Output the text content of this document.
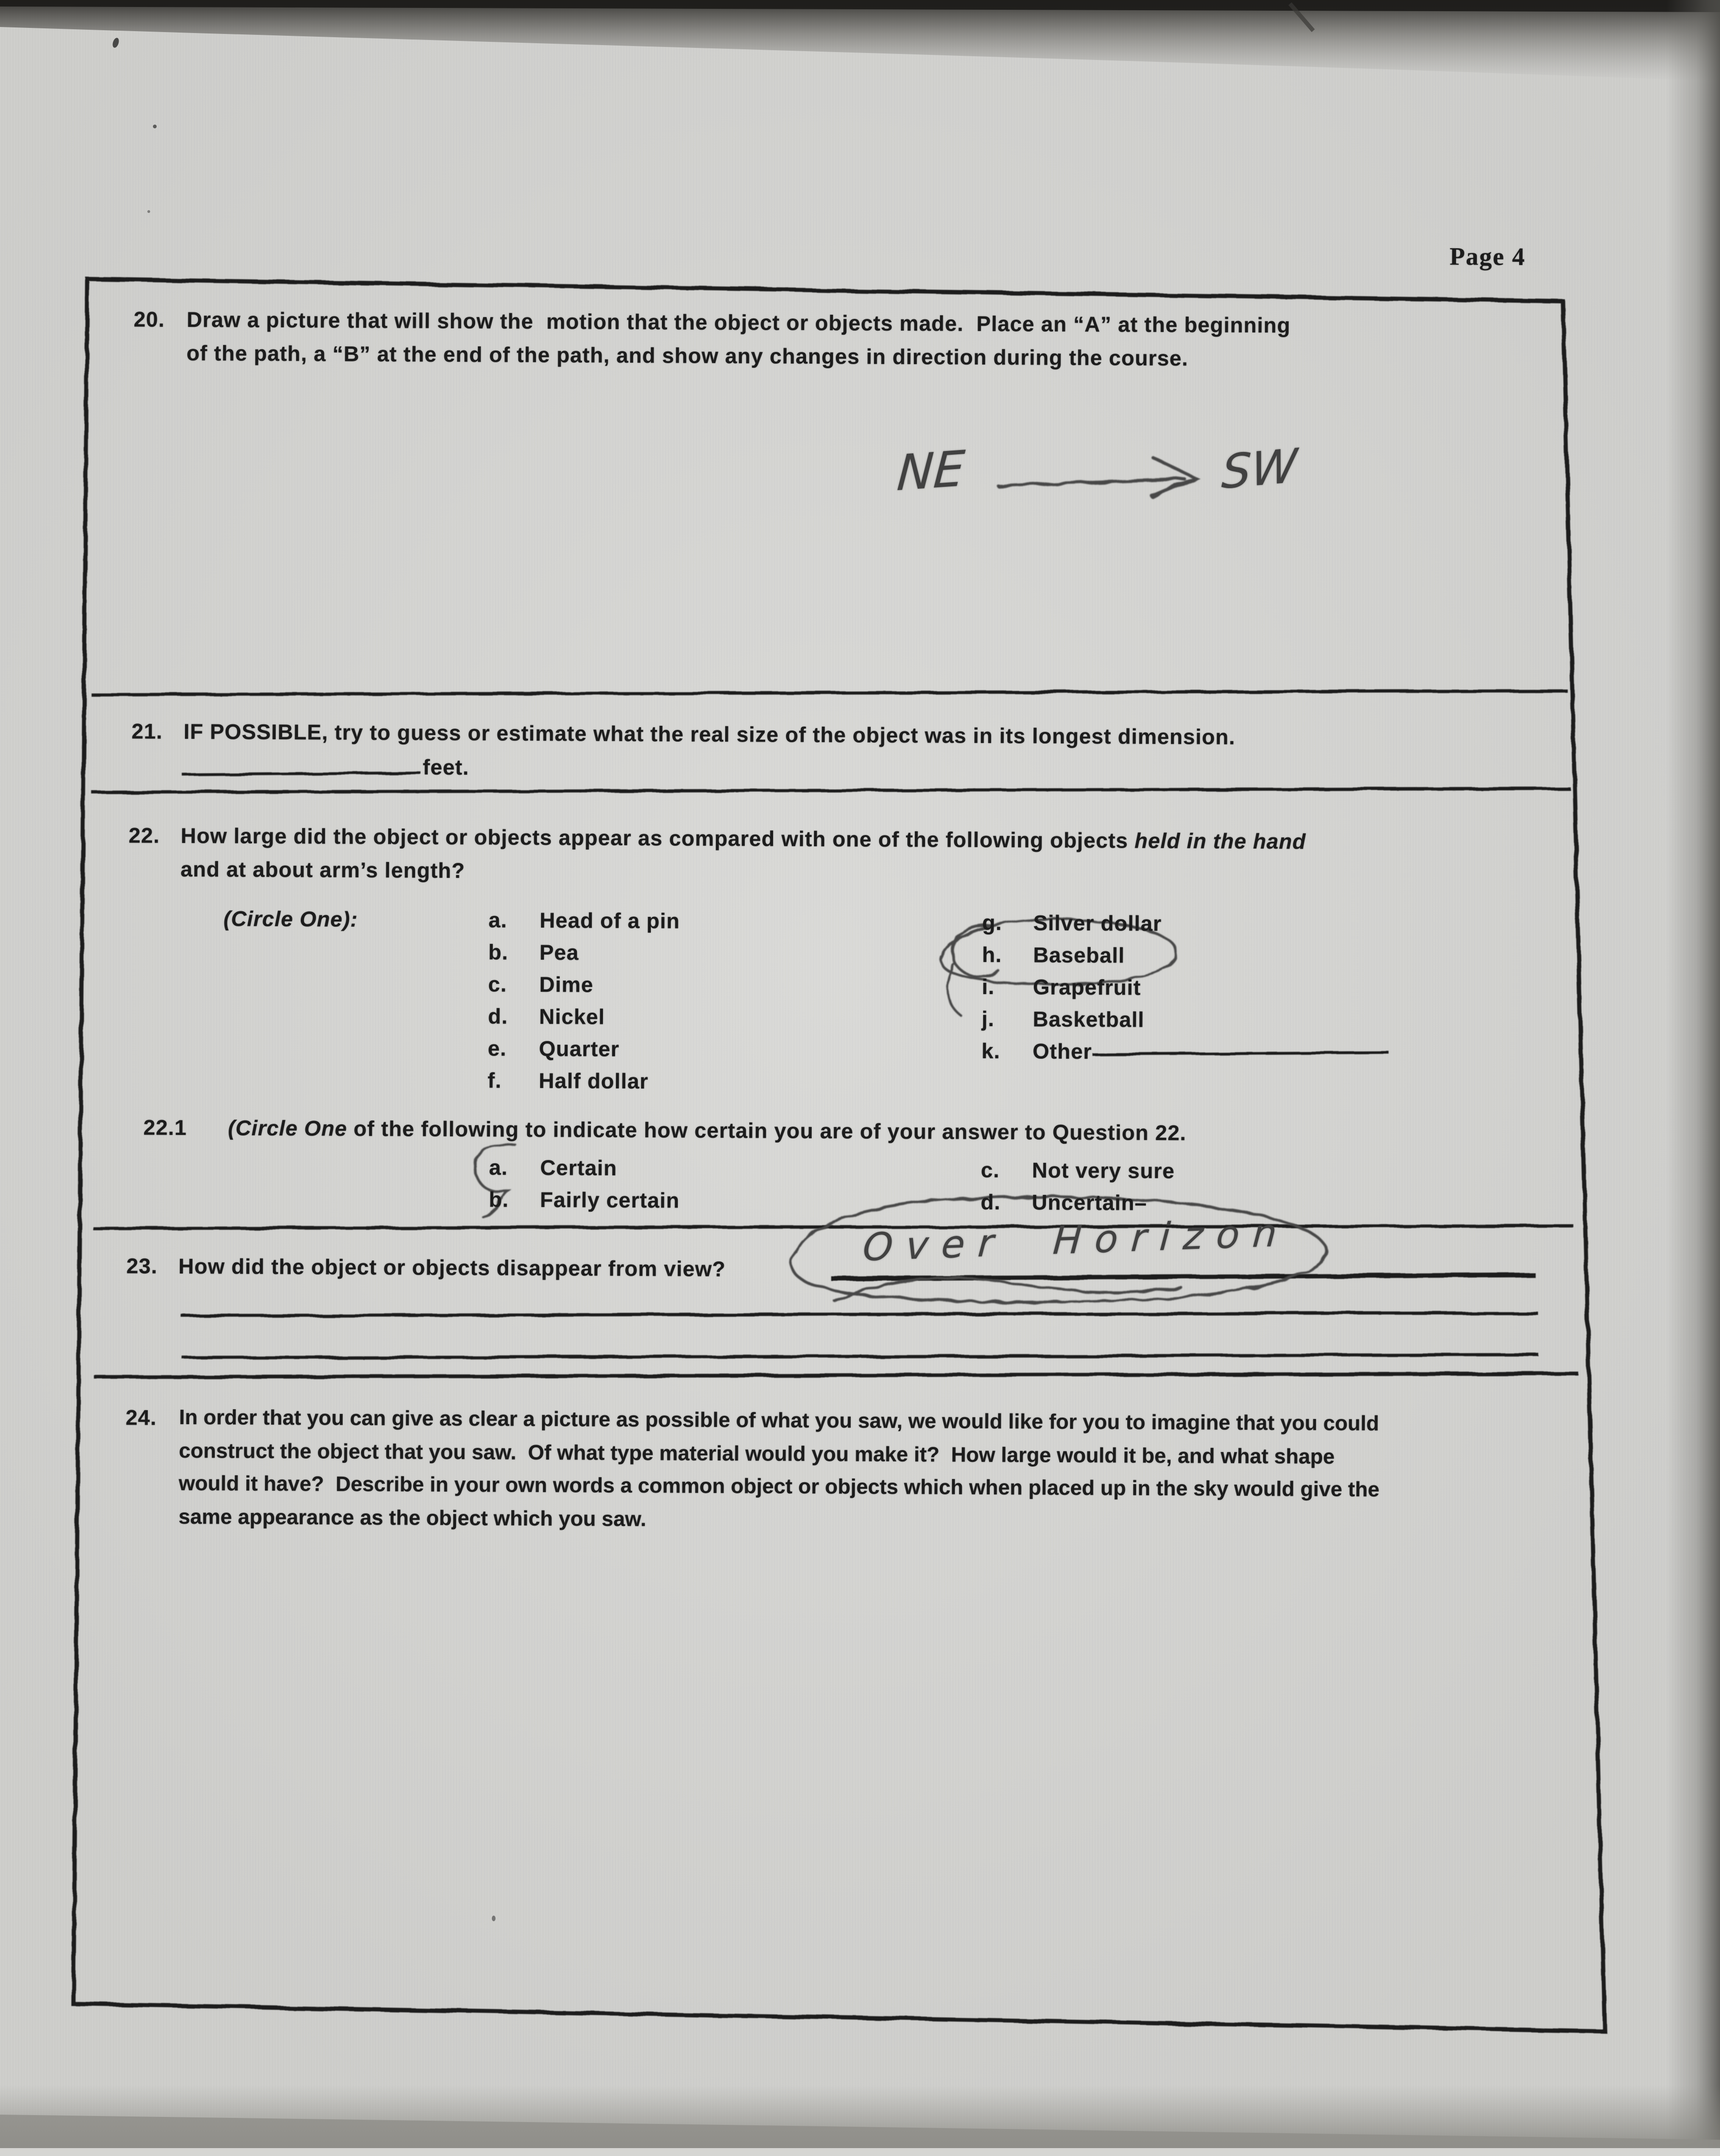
Page 4
20. Draw a picture that will show the  motion that the object or objects made.  Place an “A” at the beginning
of the path, a “B” at the end of the path, and show any changes in direction during the course.
21. IF POSSIBLE, try to guess or estimate what the real size of the object was in its longest dimension.
feet.
22. How large did the object or objects appear as compared with one of the following objects held in the hand
and at about arm’s length?
(Circle One):	a. Head of a pin
b. Pea
c. Dime
d. Nickel
e. Quarter
f. Half dollar
g. Silver dollar
h. Baseball
i. Grapefruit
j. Basketball
k. Other
22.1 (Circle One of the following to indicate how certain you are of your answer to Question 22.
a. Certain
b. Fairly certain
c. Not very sure
d. Uncertain–
23. How did the object or objects disappear from view?
24. In order that you can give as clear a picture as possible of what you saw, we would like for you to imagine that you could
construct the object that you saw.  Of what type material would you make it?  How large would it be, and what shape
would it have?  Describe in your own words a common object or objects which when placed up in the sky would give the
same appearance as the object which you saw.
NE	SW
Over Horizon
